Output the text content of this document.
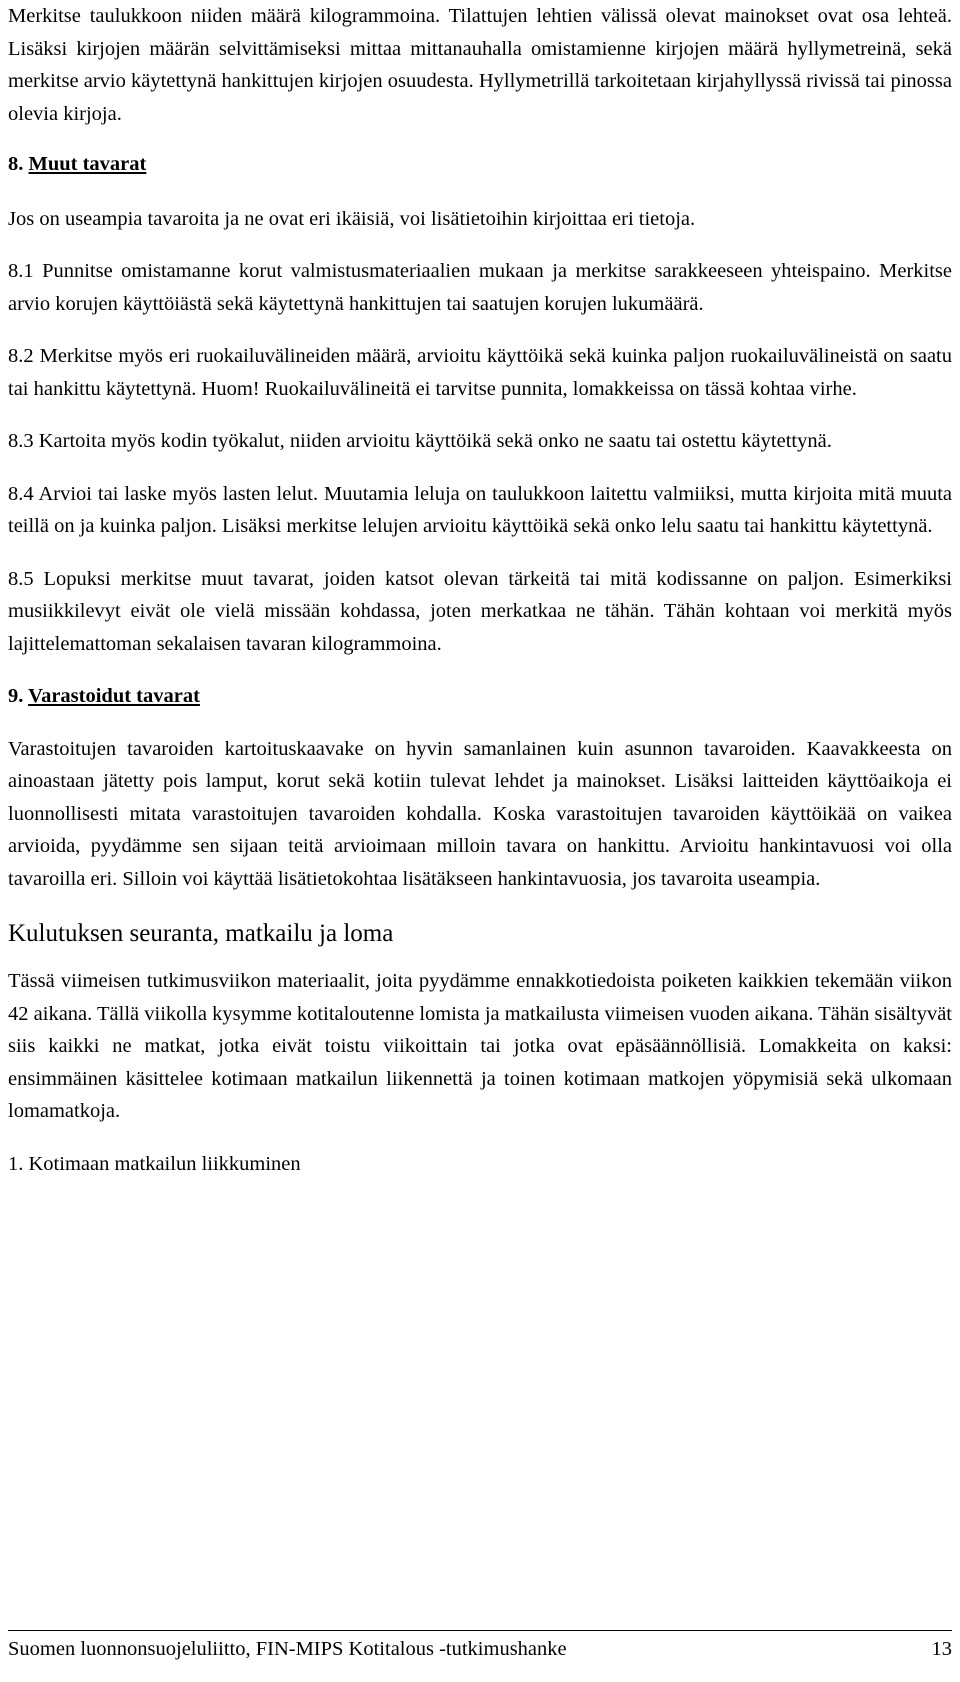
Merkitse taulukkoon niiden määrä kilogrammoina. Tilattujen lehtien välissä olevat mainokset ovat osa lehteä. Lisäksi kirjojen määrän selvittämiseksi mittaa mittanauhalla omistamienne kirjojen määrä hyllymetreinä, sekä merkitse arvio käytettynä hankittujen kirjojen osuudesta. Hyllymetrillä tarkoitetaan kirjahyllyssä rivissä tai pinossa olevia kirjoja.

8. Muut tavarat

Jos on useampia tavaroita ja ne ovat eri ikäisiä, voi lisätietoihin kirjoittaa eri tietoja.

8.1 Punnitse omistamanne korut valmistusmateriaalien mukaan ja merkitse sarakkeeseen yhteispaino. Merkitse arvio korujen käyttöiästä sekä käytettynä hankittujen tai saatujen korujen lukumäärä.

8.2 Merkitse myös eri ruokailuvälineiden määrä, arvioitu käyttöikä sekä kuinka paljon ruokailuvälineistä on saatu tai hankittu käytettynä. Huom! Ruokailuvälineitä ei tarvitse punnita, lomakkeissa on tässä kohtaa virhe.

8.3 Kartoita myös kodin työkalut, niiden arvioitu käyttöikä sekä onko ne saatu tai ostettu käytettynä.

8.4 Arvioi tai laske myös lasten lelut. Muutamia leluja on taulukkoon laitettu valmiiksi, mutta kirjoita mitä muuta teillä on ja kuinka paljon. Lisäksi merkitse lelujen arvioitu käyttöikä sekä onko lelu saatu tai hankittu käytettynä.

8.5 Lopuksi merkitse muut tavarat, joiden katsot olevan tärkeitä tai mitä kodissanne on paljon. Esimerkiksi musiikkilevyt eivät ole vielä missään kohdassa, joten merkatkaa ne tähän. Tähän kohtaan voi merkitä myös lajittelemattoman sekalaisen tavaran kilogrammoina.

9. Varastoidut tavarat

Varastoitujen tavaroiden kartoituskaavake on hyvin samanlainen kuin asunnon tavaroiden. Kaavakkeesta on ainoastaan jätetty pois lamput, korut sekä kotiin tulevat lehdet ja mainokset. Lisäksi laitteiden käyttöaikoja ei luonnollisesti mitata varastoitujen tavaroiden kohdalla. Koska varastoitujen tavaroiden käyttöikää on vaikea arvioida, pyydämme sen sijaan teitä arvioimaan milloin tavara on hankittu. Arvioitu hankintavuosi voi olla tavaroilla eri. Silloin voi käyttää lisätietokohtaa lisätäkseen hankintavuosia, jos tavaroita useampia.

Kulutuksen seuranta, matkailu ja loma

Tässä viimeisen tutkimusviikon materiaalit, joita pyydämme ennakkotiedoista poiketen kaikkien tekemään viikon 42 aikana. Tällä viikolla kysymme kotitaloutenne lomista ja matkailusta viimeisen vuoden aikana. Tähän sisältyvät siis kaikki ne matkat, jotka eivät toistu viikoittain tai jotka ovat epäsäännöllisiä. Lomakkeita on kaksi: ensimmäinen käsittelee kotimaan matkailun liikennettä ja toinen kotimaan matkojen yöpymisiä sekä ulkomaan lomamatkoja.

1. Kotimaan matkailun liikkuminen

Suomen luonnonsuojeluliitto, FIN-MIPS Kotitalous -tutkimushanke	13
